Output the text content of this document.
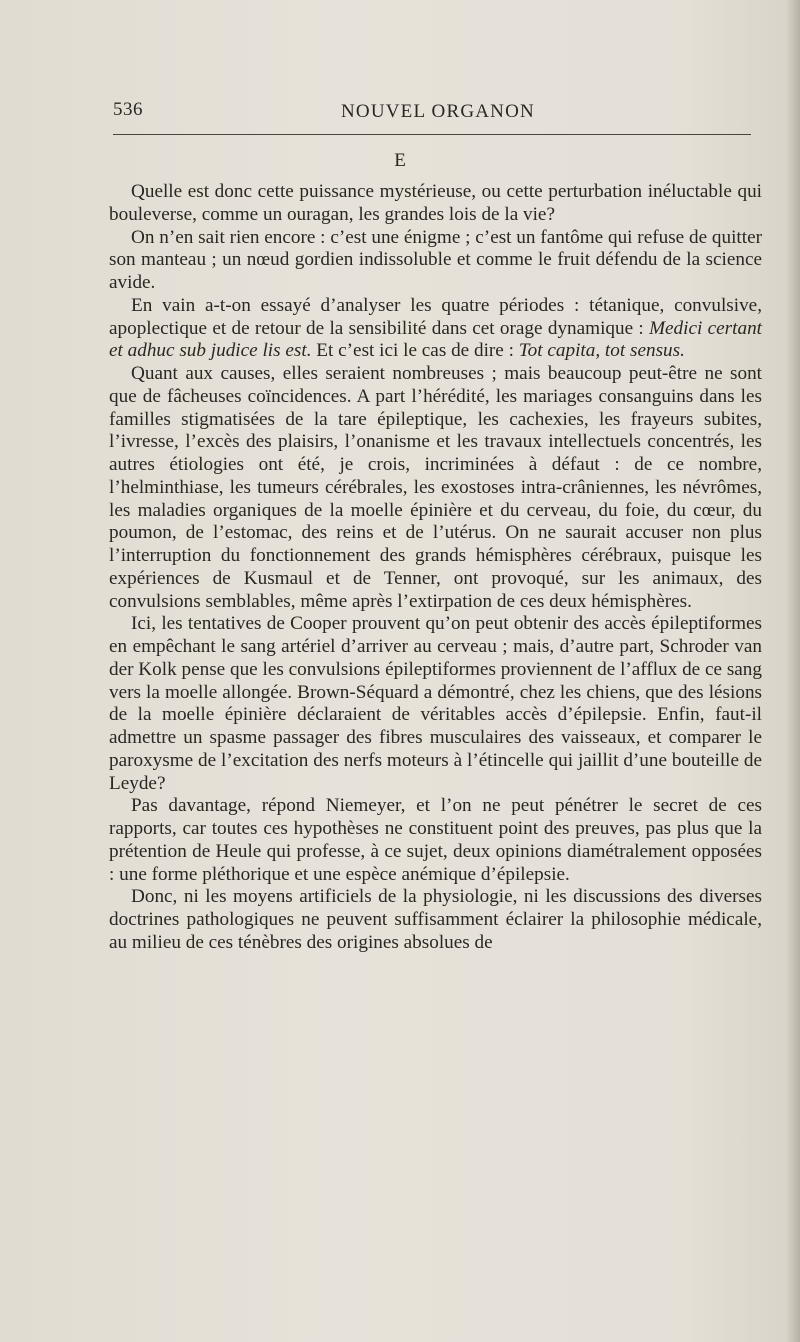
536	NOUVEL ORGANON
E

Quelle est donc cette puissance mystérieuse, ou cette perturbation inéluctable qui bouleverse, comme un ouragan, les grandes lois de la vie?

On n’en sait rien encore : c’est une énigme ; c’est un fantôme qui refuse de quitter son manteau ; un nœud gordien indissoluble et comme le fruit défendu de la science avide.

En vain a-t-on essayé d’analyser les quatre périodes : tétanique, convulsive, apoplectique et de retour de la sensibilité dans cet orage dynamique : Medici certant et adhuc sub judice lis est. Et c’est ici le cas de dire : Tot capita, tot sensus.

Quant aux causes, elles seraient nombreuses ; mais beaucoup peut-être ne sont que de fâcheuses coïncidences. A part l’hérédité, les mariages consanguins dans les familles stigmatisées de la tare épileptique, les cachexies, les frayeurs subites, l’ivresse, l’excès des plaisirs, l’onanisme et les travaux intellectuels concentrés, les autres étiologies ont été, je crois, incriminées à défaut : de ce nombre, l’helminthiase, les tumeurs cérébrales, les exostoses intra-crâniennes, les névrômes, les maladies organiques de la moelle épinière et du cerveau, du foie, du cœur, du poumon, de l’estomac, des reins et de l’utérus. On ne saurait accuser non plus l’interruption du fonctionnement des grands hémisphères cérébraux, puisque les expériences de Kusmaul et de Tenner, ont provoqué, sur les animaux, des convulsions semblables, même après l’extirpation de ces deux hémisphères.

Ici, les tentatives de Cooper prouvent qu’on peut obtenir des accès épileptiformes en empêchant le sang artériel d’arriver au cerveau ; mais, d’autre part, Schroder van der Kolk pense que les convulsions épileptiformes proviennent de l’afflux de ce sang vers la moelle allongée. Brown-Séquard a démontré, chez les chiens, que des lésions de la moelle épinière déclaraient de véritables accès d’épilepsie. Enfin, faut-il admettre un spasme passager des fibres musculaires des vaisseaux, et comparer le paroxysme de l’excitation des nerfs moteurs à l’étincelle qui jaillit d’une bouteille de Leyde?

Pas davantage, répond Niemeyer, et l’on ne peut pénétrer le secret de ces rapports, car toutes ces hypothèses ne constituent point des preuves, pas plus que la prétention de Heule qui professe, à ce sujet, deux opinions diamétralement opposées : une forme pléthorique et une espèce anémique d’épilepsie.

Donc, ni les moyens artificiels de la physiologie, ni les discussions des diverses doctrines pathologiques ne peuvent suffisamment éclairer la philosophie médicale, au milieu de ces ténèbres des origines absolues de
